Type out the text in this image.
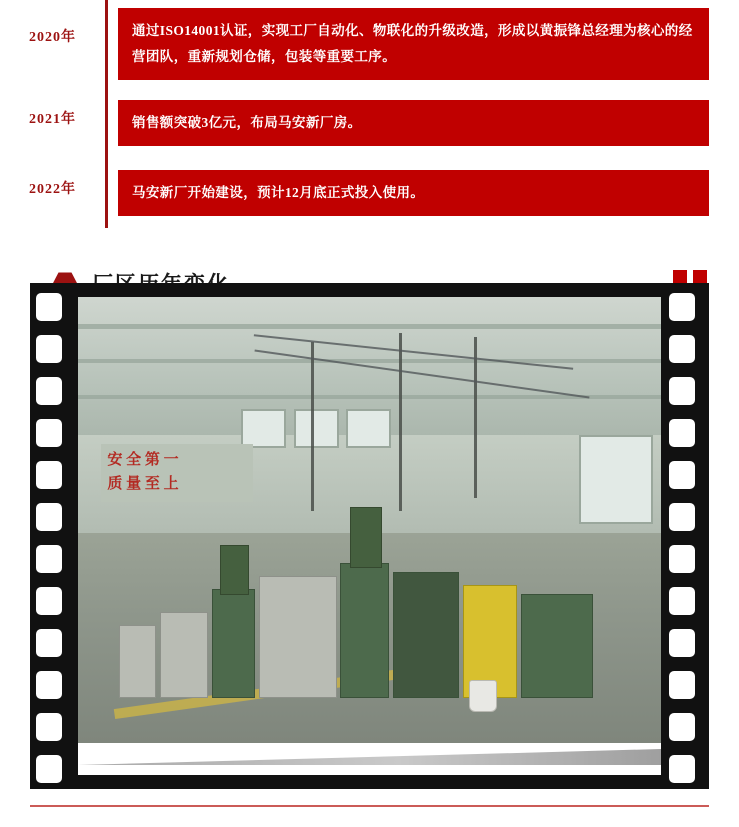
2020年	通过ISO14001认证，实现工厂自动化、物联化的升级改造，形成以黄振锋总经理为核心的经营团队，重新规划仓储，包装等重要工序。
2021年	销售额突破3亿元，布局马安新厂房。
2022年	马安新厂开始建设，预计12月底正式投入使用。
安 全 第 一
质 量 至 上
